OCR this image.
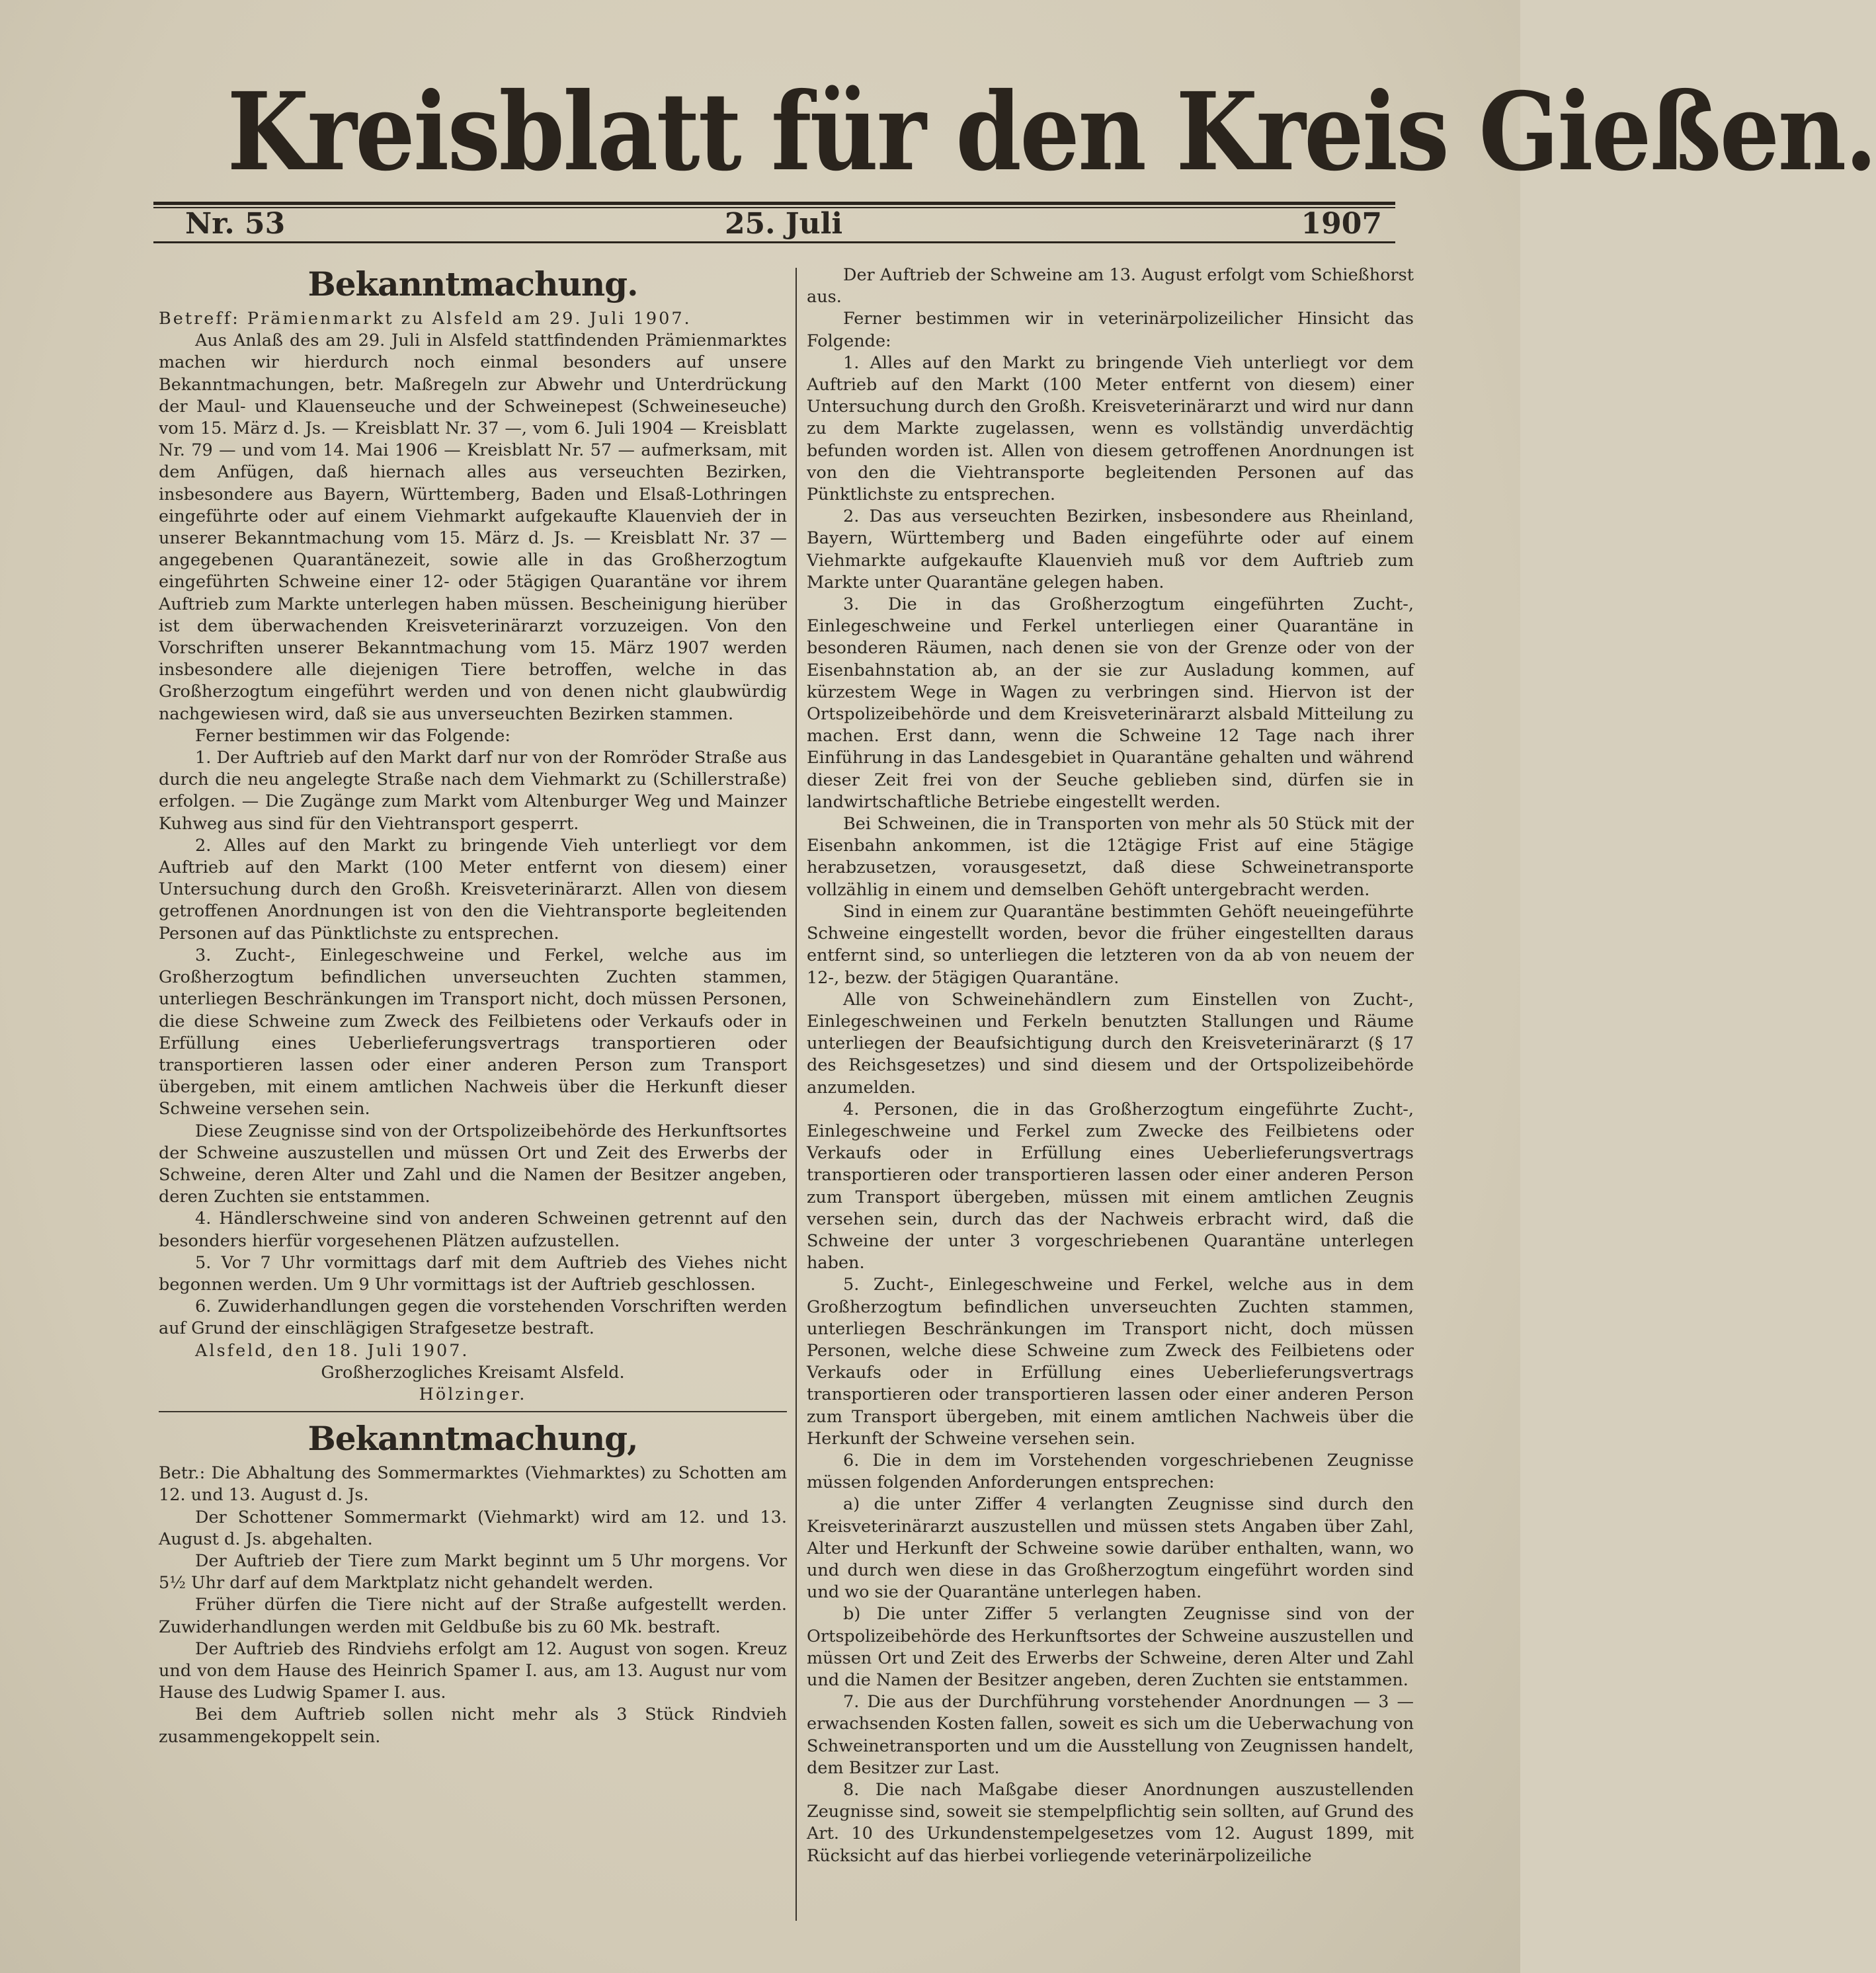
Kreisblatt für den Kreis Gießen.
Nr. 53	25. Juli	1907
Bekanntmachung.

Betreff: Prämienmarkt zu Alsfeld am 29. Juli 1907.

Aus Anlaß des am 29. Juli in Alsfeld stattfindenden Prämienmarktes machen wir hierdurch noch einmal besonders auf unsere Bekanntmachungen, betr. Maßregeln zur Abwehr und Unterdrückung der Maul- und Klauenseuche und der Schweinepest (Schweineseuche) vom 15. März d. Js. — Kreisblatt Nr. 37 —, vom 6. Juli 1904 — Kreisblatt Nr. 79 — und vom 14. Mai 1906 — Kreisblatt Nr. 57 — aufmerksam, mit dem Anfügen, daß hiernach alles aus verseuchten Bezirken, insbesondere aus Bayern, Württemberg, Baden und Elsaß-Lothringen eingeführte oder auf einem Viehmarkt aufgekaufte Klauenvieh der in unserer Bekanntmachung vom 15. März d. Js. — Kreisblatt Nr. 37 — angegebenen Quarantänezeit, sowie alle in das Großherzogtum eingeführten Schweine einer 12- oder 5tägigen Quarantäne vor ihrem Auftrieb zum Markte unterlegen haben müssen. Bescheinigung hierüber ist dem überwachenden Kreisveterinärarzt vorzuzeigen. Von den Vorschriften unserer Bekanntmachung vom 15. März 1907 werden insbesondere alle diejenigen Tiere betroffen, welche in das Großherzogtum eingeführt werden und von denen nicht glaubwürdig nachgewiesen wird, daß sie aus unverseuchten Bezirken stammen.

Ferner bestimmen wir das Folgende:

1. Der Auftrieb auf den Markt darf nur von der Romröder Straße aus durch die neu angelegte Straße nach dem Viehmarkt zu (Schillerstraße) erfolgen. — Die Zugänge zum Markt vom Altenburger Weg und Mainzer Kuhweg aus sind für den Viehtransport gesperrt.

2. Alles auf den Markt zu bringende Vieh unterliegt vor dem Auftrieb auf den Markt (100 Meter entfernt von diesem) einer Untersuchung durch den Großh. Kreisveterinärarzt. Allen von diesem getroffenen Anordnungen ist von den die Viehtransporte begleitenden Personen auf das Pünktlichste zu entsprechen.

3. Zucht-, Einlegeschweine und Ferkel, welche aus im Großherzogtum befindlichen unverseuchten Zuchten stammen, unterliegen Beschränkungen im Transport nicht, doch müssen Personen, die diese Schweine zum Zweck des Feilbietens oder Verkaufs oder in Erfüllung eines Ueberlieferungsvertrags transportieren oder transportieren lassen oder einer anderen Person zum Transport übergeben, mit einem amtlichen Nachweis über die Herkunft dieser Schweine versehen sein.

Diese Zeugnisse sind von der Ortspolizeibehörde des Herkunftsortes der Schweine auszustellen und müssen Ort und Zeit des Erwerbs der Schweine, deren Alter und Zahl und die Namen der Besitzer angeben, deren Zuchten sie entstammen.

4. Händlerschweine sind von anderen Schweinen getrennt auf den besonders hierfür vorgesehenen Plätzen aufzustellen.

5. Vor 7 Uhr vormittags darf mit dem Auftrieb des Viehes nicht begonnen werden. Um 9 Uhr vormittags ist der Auftrieb geschlossen.

6. Zuwiderhandlungen gegen die vorstehenden Vorschriften werden auf Grund der einschlägigen Strafgesetze bestraft.

Alsfeld, den 18. Juli 1907.

Großherzogliches Kreisamt Alsfeld.

Hölzinger.

Bekanntmachung,

Betr.: Die Abhaltung des Sommermarktes (Viehmarktes) zu Schotten am 12. und 13. August d. Js.

Der Schottener Sommermarkt (Viehmarkt) wird am 12. und 13. August d. Js. abgehalten.

Der Auftrieb der Tiere zum Markt beginnt um 5 Uhr morgens. Vor 5½ Uhr darf auf dem Marktplatz nicht gehandelt werden.

Früher dürfen die Tiere nicht auf der Straße aufgestellt werden. Zuwiderhandlungen werden mit Geldbuße bis zu 60 Mk. bestraft.

Der Auftrieb des Rindviehs erfolgt am 12. August von sogen. Kreuz und von dem Hause des Heinrich Spamer I. aus, am 13. August nur vom Hause des Ludwig Spamer I. aus.

Bei dem Auftrieb sollen nicht mehr als 3 Stück Rindvieh zusammengekoppelt sein.

Der Auftrieb der Schweine am 13. August erfolgt vom Schießhorst aus.

Ferner bestimmen wir in veterinärpolizeilicher Hinsicht das Folgende:

1. Alles auf den Markt zu bringende Vieh unterliegt vor dem Auftrieb auf den Markt (100 Meter entfernt von diesem) einer Untersuchung durch den Großh. Kreisveterinärarzt und wird nur dann zu dem Markte zugelassen, wenn es vollständig unverdächtig befunden worden ist. Allen von diesem getroffenen Anordnungen ist von den die Viehtransporte begleitenden Personen auf das Pünktlichste zu entsprechen.

2. Das aus verseuchten Bezirken, insbesondere aus Rheinland, Bayern, Württemberg und Baden eingeführte oder auf einem Viehmarkte aufgekaufte Klauenvieh muß vor dem Auftrieb zum Markte unter Quarantäne gelegen haben.

3. Die in das Großherzogtum eingeführten Zucht-, Einlegeschweine und Ferkel unterliegen einer Quarantäne in besonderen Räumen, nach denen sie von der Grenze oder von der Eisenbahnstation ab, an der sie zur Ausladung kommen, auf kürzestem Wege in Wagen zu verbringen sind. Hiervon ist der Ortspolizeibehörde und dem Kreisveterinärarzt alsbald Mitteilung zu machen. Erst dann, wenn die Schweine 12 Tage nach ihrer Einführung in das Landesgebiet in Quarantäne gehalten und während dieser Zeit frei von der Seuche geblieben sind, dürfen sie in landwirtschaftliche Betriebe eingestellt werden.

Bei Schweinen, die in Transporten von mehr als 50 Stück mit der Eisenbahn ankommen, ist die 12tägige Frist auf eine 5tägige herabzusetzen, vorausgesetzt, daß diese Schweinetransporte vollzählig in einem und demselben Gehöft untergebracht werden.

Sind in einem zur Quarantäne bestimmten Gehöft neueingeführte Schweine eingestellt worden, bevor die früher eingestellten daraus entfernt sind, so unterliegen die letzteren von da ab von neuem der 12-, bezw. der 5tägigen Quarantäne.

Alle von Schweinehändlern zum Einstellen von Zucht-, Einlegeschweinen und Ferkeln benutzten Stallungen und Räume unterliegen der Beaufsichtigung durch den Kreisveterinärarzt (§ 17 des Reichsgesetzes) und sind diesem und der Ortspolizeibehörde anzumelden.

4. Personen, die in das Großherzogtum eingeführte Zucht-, Einlegeschweine und Ferkel zum Zwecke des Feilbietens oder Verkaufs oder in Erfüllung eines Ueberlieferungsvertrags transportieren oder transportieren lassen oder einer anderen Person zum Transport übergeben, müssen mit einem amtlichen Zeugnis versehen sein, durch das der Nachweis erbracht wird, daß die Schweine der unter 3 vorgeschriebenen Quarantäne unterlegen haben.

5. Zucht-, Einlegeschweine und Ferkel, welche aus in dem Großherzogtum befindlichen unverseuchten Zuchten stammen, unterliegen Beschränkungen im Transport nicht, doch müssen Personen, welche diese Schweine zum Zweck des Feilbietens oder Verkaufs oder in Erfüllung eines Ueberlieferungsvertrags transportieren oder transportieren lassen oder einer anderen Person zum Transport übergeben, mit einem amtlichen Nachweis über die Herkunft der Schweine versehen sein.

6. Die in dem im Vorstehenden vorgeschriebenen Zeugnisse müssen folgenden Anforderungen entsprechen:

a) die unter Ziffer 4 verlangten Zeugnisse sind durch den Kreisveterinärarzt auszustellen und müssen stets Angaben über Zahl, Alter und Herkunft der Schweine sowie darüber enthalten, wann, wo und durch wen diese in das Großherzogtum eingeführt worden sind und wo sie der Quarantäne unterlegen haben.

b) Die unter Ziffer 5 verlangten Zeugnisse sind von der Ortspolizeibehörde des Herkunftsortes der Schweine auszustellen und müssen Ort und Zeit des Erwerbs der Schweine, deren Alter und Zahl und die Namen der Besitzer angeben, deren Zuchten sie entstammen.

7. Die aus der Durchführung vorstehender Anordnungen — 3 — erwachsenden Kosten fallen, soweit es sich um die Ueberwachung von Schweinetransporten und um die Ausstellung von Zeugnissen handelt, dem Besitzer zur Last.

8. Die nach Maßgabe dieser Anordnungen auszustellenden Zeugnisse sind, soweit sie stempelpflichtig sein sollten, auf Grund des Art. 10 des Urkundenstempelgesetzes vom 12. August 1899, mit Rücksicht auf das hierbei vorliegende veterinärpolizeiliche
